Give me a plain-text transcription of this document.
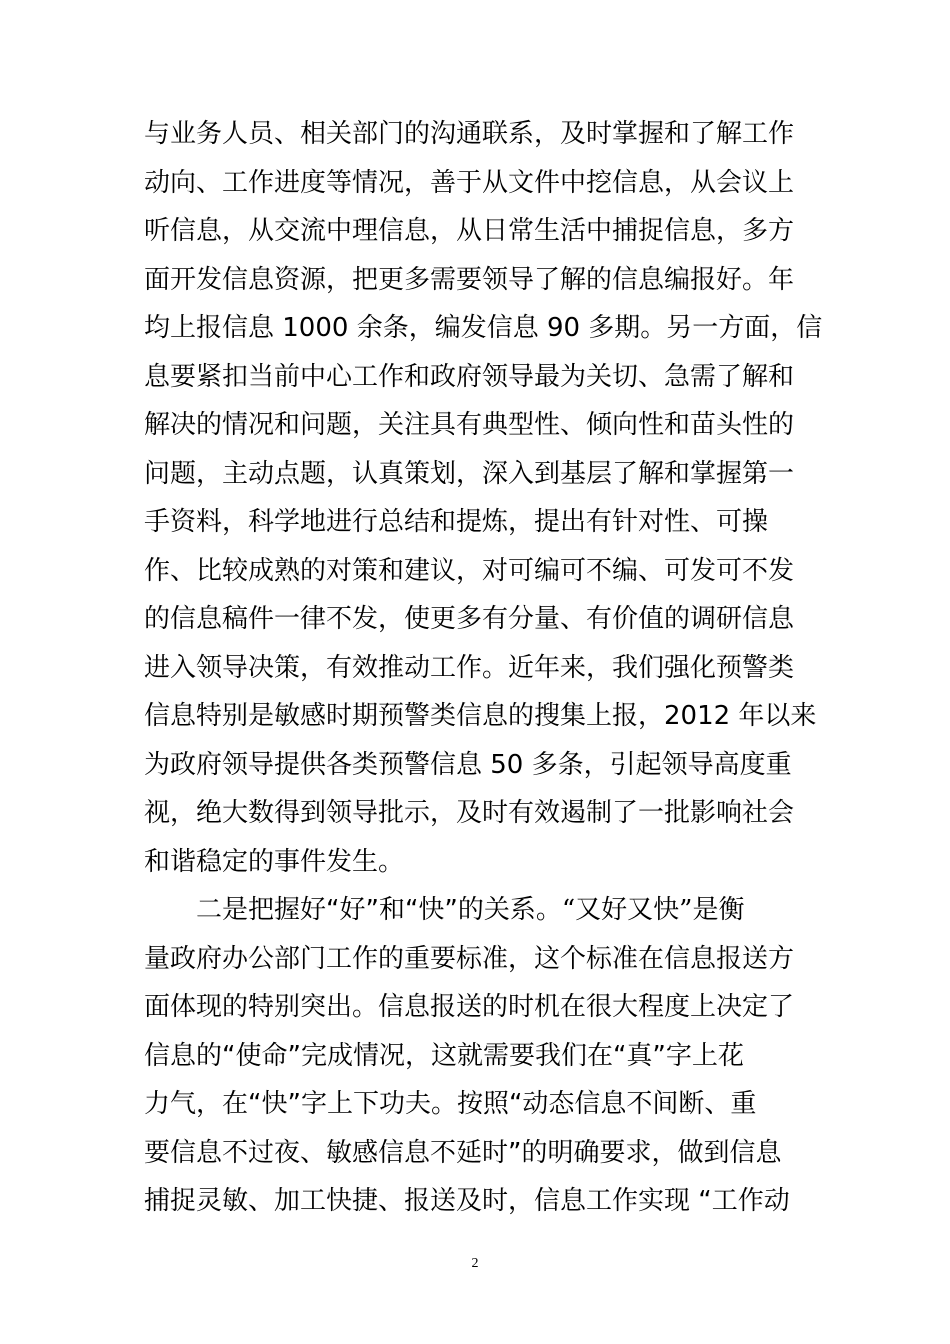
与业务人员、相关部门的沟通联系，及时掌握和了解工作
动向、工作进度等情况，善于从文件中挖信息，从会议上
听信息，从交流中理信息，从日常生活中捕捉信息，多方
面开发信息资源，把更多需要领导了解的信息编报好。年
均上报信息 1000 余条，编发信息 90 多期。另一方面，信
息要紧扣当前中心工作和政府领导最为关切、急需了解和
解决的情况和问题，关注具有典型性、倾向性和苗头性的
问题，主动点题，认真策划，深入到基层了解和掌握第一
手资料，科学地进行总结和提炼，提出有针对性、可操
作、比较成熟的对策和建议，对可编可不编、可发可不发
的信息稿件一律不发，使更多有分量、有价值的调研信息
进入领导决策，有效推动工作。近年来，我们强化预警类
信息特别是敏感时期预警类信息的搜集上报，2012 年以来
为政府领导提供各类预警信息 50 多条，引起领导高度重
视，绝大数得到领导批示，及时有效遏制了一批影响社会
和谐稳定的事件发生。
二是把握好“好”和“快”的关系。“又好又快”是衡
量政府办公部门工作的重要标准，这个标准在信息报送方
面体现的特别突出。信息报送的时机在很大程度上决定了
信息的“使命”完成情况，这就需要我们在“真”字上花
力气，在“快”字上下功夫。按照“动态信息不间断、重
要信息不过夜、敏感信息不延时”的明确要求，做到信息
捕捉灵敏、加工快捷、报送及时，信息工作实现 “工作动
2
